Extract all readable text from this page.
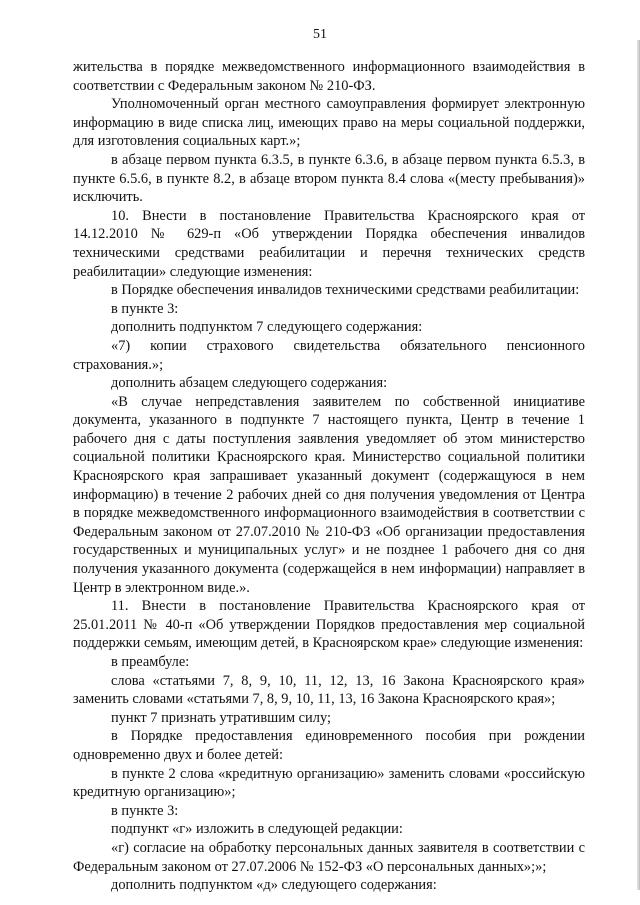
51

жительства в порядке межведомственного информационного взаимодействия в соответствии с Федеральным законом № 210-ФЗ.

Уполномоченный орган местного самоуправления формирует электронную информацию в виде списка лиц, имеющих право на меры социальной поддержки, для изготовления социальных карт.»;

в абзаце первом пункта 6.3.5, в пункте 6.3.6, в абзаце первом пункта 6.5.3, в пункте 6.5.6, в пункте 8.2, в абзаце втором пункта 8.4 слова «(месту пребывания)» исключить.

10. Внести в постановление Правительства Красноярского края от 14.12.2010 № 629-п «Об утверждении Порядка обеспечения инвалидов техническими средствами реабилитации и перечня технических средств реабилитации» следующие изменения:

в Порядке обеспечения инвалидов техническими средствами реабилитации:

в пункте 3:

дополнить подпунктом 7 следующего содержания:

«7) копии страхового свидетельства обязательного пенсионного страхования.»;

дополнить абзацем следующего содержания:

«В случае непредставления заявителем по собственной инициативе документа, указанного в подпункте 7 настоящего пункта, Центр в течение 1 рабочего дня с даты поступления заявления уведомляет об этом министерство социальной политики Красноярского края. Министерство социальной политики Красноярского края запрашивает указанный документ (содержащуюся в нем информацию) в течение 2 рабочих дней со дня получения уведомления от Центра в порядке межведомственного информационного взаимодействия в соответствии с Федеральным законом от 27.07.2010 № 210-ФЗ «Об организации предоставления государственных и муниципальных услуг» и не позднее 1 рабочего дня со дня получения указанного документа (содержащейся в нем информации) направляет в Центр в электронном виде.».

11. Внести в постановление Правительства Красноярского края от 25.01.2011 № 40-п «Об утверждении Порядков предоставления мер социальной поддержки семьям, имеющим детей, в Красноярском крае» следующие изменения:

в преамбуле:

слова «статьями 7, 8, 9, 10, 11, 12, 13, 16 Закона Красноярского края» заменить словами «статьями 7, 8, 9, 10, 11, 13, 16 Закона Красноярского края»;

пункт 7 признать утратившим силу;

в Порядке предоставления единовременного пособия при рождении одновременно двух и более детей:

в пункте 2 слова «кредитную организацию» заменить словами «российскую кредитную организацию»;

в пункте 3:

подпункт «г» изложить в следующей редакции:

«г) согласие на обработку персональных данных заявителя в соответствии с Федеральным законом от 27.07.2006 № 152-ФЗ «О персональных данных»;»;

дополнить подпунктом «д» следующего содержания:
